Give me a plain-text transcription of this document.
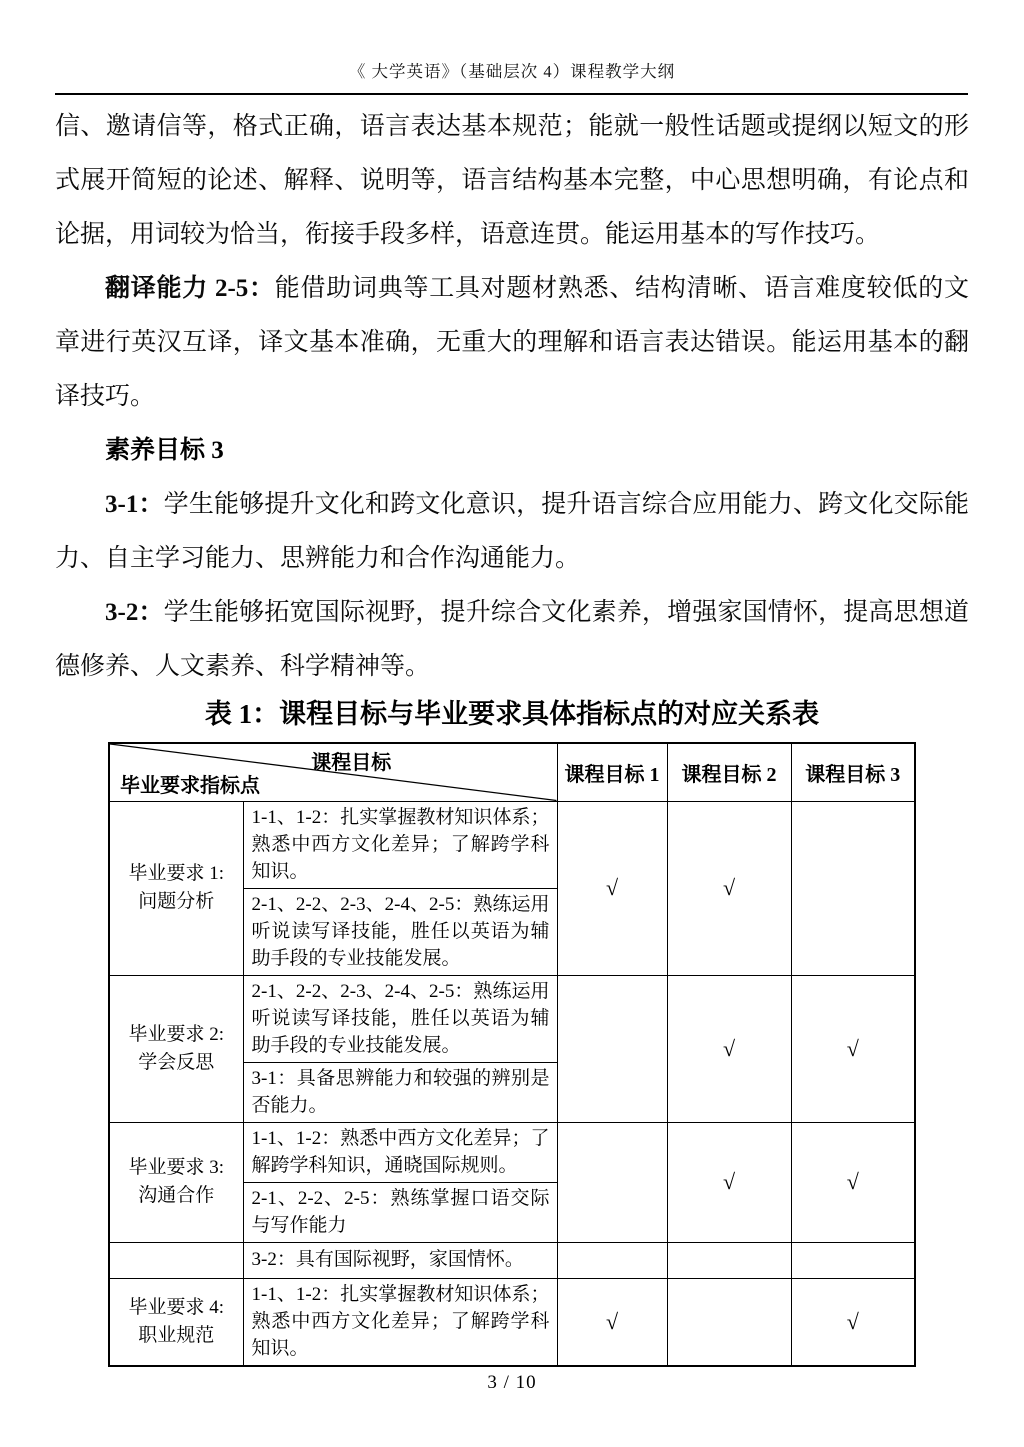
《 大学英语》（基础层次 4）课程教学大纲

信、邀请信等，格式正确，语言表达基本规范；能就一般性话题或提纲以短文的形式展开简短的论述、解释、说明等，语言结构基本完整，中心思想明确，有论点和论据，用词较为恰当，衔接手段多样，语意连贯。能运用基本的写作技巧。

翻译能力 2-5：能借助词典等工具对题材熟悉、结构清晰、语言难度较低的文章进行英汉互译，译文基本准确，无重大的理解和语言表达错误。能运用基本的翻译技巧。

素养目标 3

3-1：学生能够提升文化和跨文化意识，提升语言综合应用能力、跨文化交际能力、自主学习能力、思辨能力和合作沟通能力。

3-2：学生能够拓宽国际视野，提升综合文化素养，增强家国情怀，提高思想道德修养、人文素养、科学精神等。

表 1：课程目标与毕业要求具体指标点的对应关系表
课程目标
毕业要求指标点		课程目标 1	课程目标 2	课程目标 3

毕业要求 1:
问题分析	1-1、1-2：扎实掌握教材知识体系；熟悉中西方文化差异；了解跨学科知识。	√	√	
	2-1、2-2、2-3、2-4、2-5：熟练运用听说读写译技能，胜任以英语为辅助手段的专业技能发展。			

毕业要求 2:
学会反思	2-1、2-2、2-3、2-4、2-5：熟练运用听说读写译技能，胜任以英语为辅助手段的专业技能发展。		√	√
	3-1：具备思辨能力和较强的辨别是否能力。			

毕业要求 3:
沟通合作	1-1、1-2：熟悉中西方文化差异；了解跨学科知识，通晓国际规则。		√	√
	2-1、2-2、2-5：熟练掌握口语交际与写作能力			
	3-2：具有国际视野，家国情怀。			

毕业要求 4:
职业规范	1-1、1-2：扎实掌握教材知识体系；熟悉中西方文化差异；了解跨学科知识。	√		√
3 / 10
